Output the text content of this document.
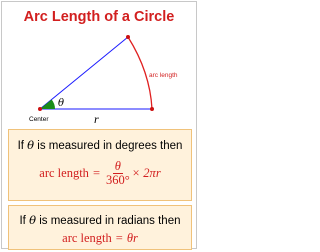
Arc Length of a Circle
arc length
θ
Center	r
If θ is measured in degrees then
arc length = $\frac{\theta}{360^\circ} \times 2\pi r$
If θ is measured in radians then
arc length = θr
